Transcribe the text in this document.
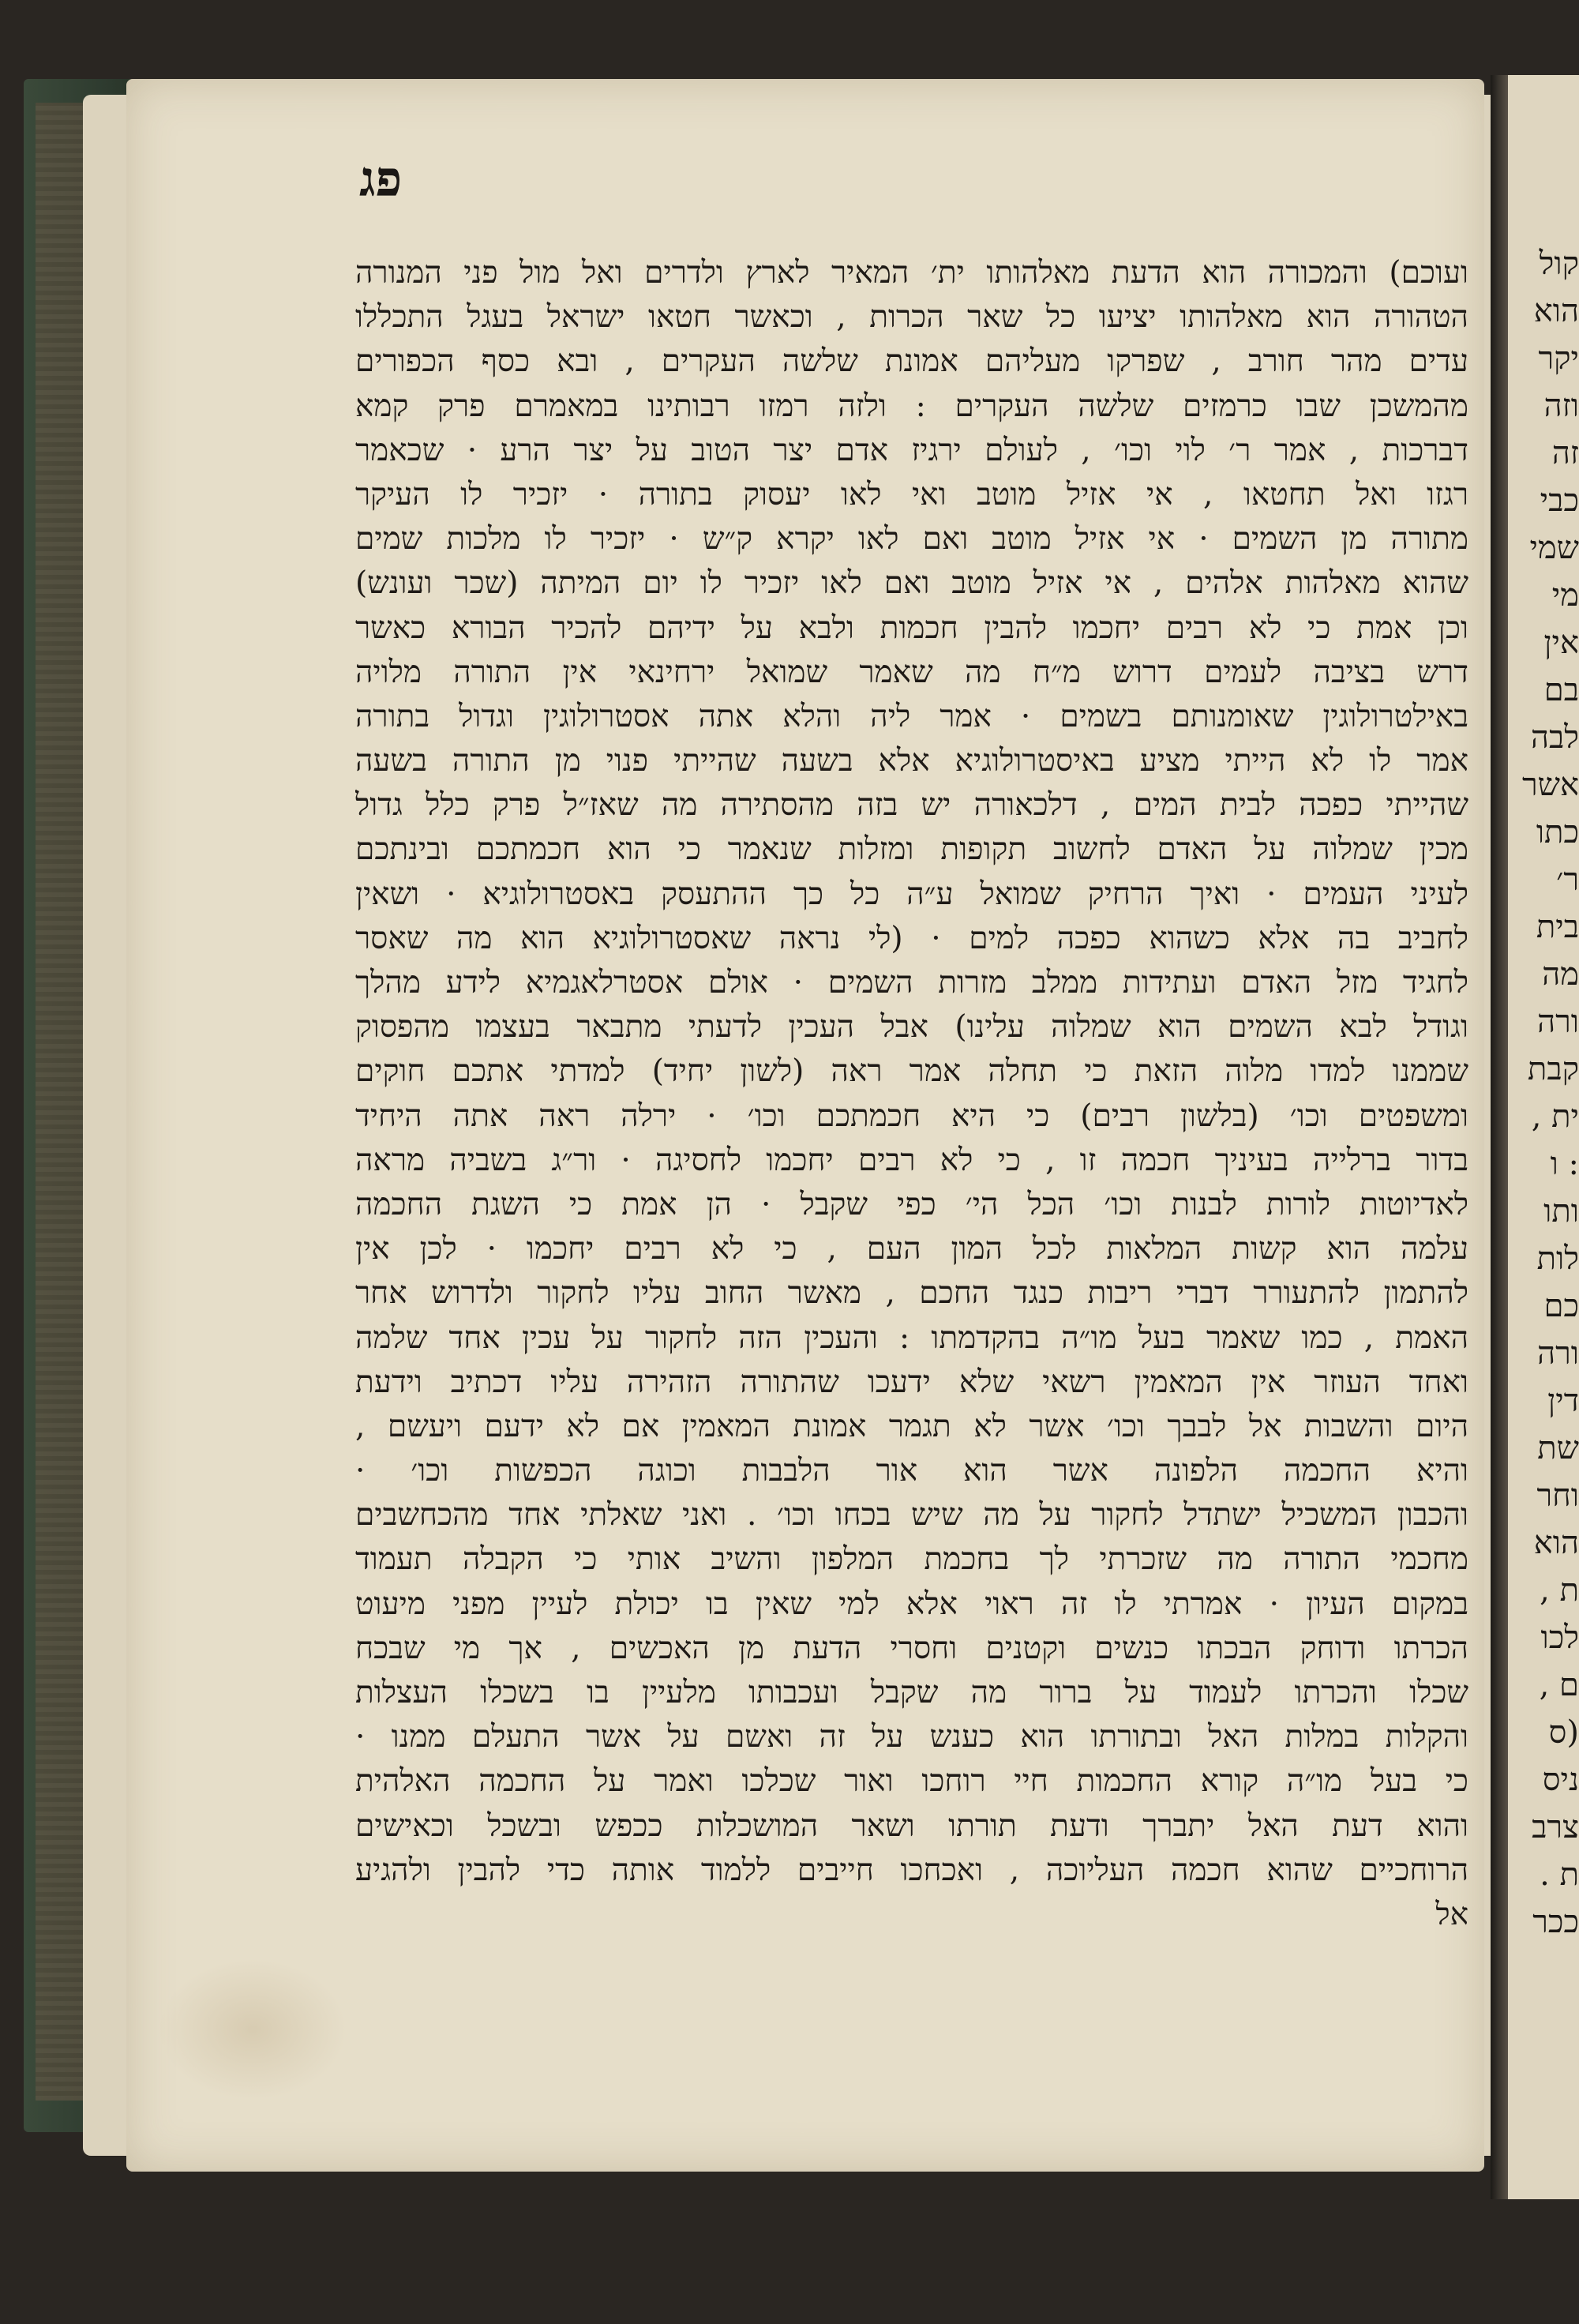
פג
ועוכם) והמכורה הוא הדעת מאלהותו ית׳ המאיר לארץ ולדרים ואל מול פני המנורה
הטהורה הוא מאלהותו יציעו כל שאר הכרות , וכאשר חטאו ישראל בעגל התכללו
עדים מהר חורב , שפרקו מעליהם אמונת שלשה העקרים , ובא כסף הכפורים
מהמשכן שבו כרמזים שלשה העקרים : ולזה רמזו רבותינו במאמרם פרק קמא
דברכות , אמר ר׳ לוי וכו׳ , לעולם ירגיז אדם יצר הטוב על יצר הרע · שכאמר
רגזו ואל תחטאו , אי אזיל מוטב ואי לאו יעסוק בתורה · יזכיר לו העיקר
מתורה מן השמים · אי אזיל מוטב ואם לאו יקרא ק״ש · יזכיר לו מלכות שמים
שהוא מאלהות אלהים , אי אזיל מוטב ואם לאו יזכיר לו יום המיתה (שכר ועונש)
וכן אמת כי לא רבים יחכמו להבין חכמות ולבא על ידיהם להכיר הבורא כאשר
דרש בציבה לעמים דרוש מ״ח מה שאמר שמואל ירחינאי אין התורה מלויה
באילטרולוגין שאומנותם בשמים · אמר ליה והלא אתה אסטרולוגין וגדול בתורה
אמר לו לא הייתי מציע באיסטרולוגיא אלא בשעה שהייתי פנוי מן התורה בשעה
שהייתי כפכה לבית המים , דלכאורה יש בזה מהסתירה מה שאז״ל פרק כלל גדול
מכין שמלוה על האדם לחשוב תקופות ומזלות שנאמר כי הוא חכמתכם ובינתכם
לעיני העמים · ואיך הרחיק שמואל ע״ה כל כך ההתעסק באסטרולוגיא · ושאין
לחביב בה אלא כשהוא כפכה למים · (לי נראה שאסטרולוגיא הוא מה שאסר
לחגיד מזל האדם ועתידות ממלב מזרות השמים · אולם אסטרלאגמיא לידע מהלך
וגודל לבא השמים הוא שמלוה עלינו) אבל העכין לדעתי מתבאר בעצמו מהפסוק
שממנו למדו מלוה הזאת כי תחלה אמר ראה (לשון יחיד) למדתי אתכם חוקים
ומשפטים וכו׳ (בלשון רבים) כי היא חכמתכם וכו׳ · ירלה ראה אתה היחיד
בדור ברלייה בעיניך חכמה זו , כי לא רבים יחכמו לחסיגה · ור״ג בשביה מראה
לאדיוטות לורות לבנות וכו׳ הכל הי׳ כפי שקבל · הן אמת כי השגת החכמה
עלמה הוא קשות המלאות לכל המון העם , כי לא רבים יחכמו · לכן אין
להתמון להתעורר דברי ריבות כנגד החכם , מאשר החוב עליו לחקור ולדרוש אחר
האמת , כמו שאמר בעל מו״ה בהקדמתו : והעכין הזה לחקור על עכין אחד שלמה
ואחד העוזר אין המאמין רשאי שלא ידעכו שהתורה הזהירה עליו דכתיב וידעת
היום והשבות אל לבבך וכו׳ אשר לא תגמר אמונת המאמין אם לא ידעם ויעשם ,
והיא החכמה הלפונה אשר הוא אור הלבבות וכוגה הכפשות וכו׳ ·
והכבון המשכיל ישתדל לחקור על מה שיש בכחו וכו׳ . ואני שאלתי אחד מהכחשבים
מחכמי התורה מה שזכרתי לך בחכמת המלפון והשיב אותי כי הקבלה תעמוד
במקום העיון · אמרתי לו זה ראוי אלא למי שאין בו יכולת לעיין מפני מיעוט
הכרתו ודוחק הבכתו כנשים וקטנים וחסרי הדעת מן האכשים , אך מי שבכח
שכלו והכרתו לעמוד על ברור מה שקבל ועכבותו מלעיין בו בשכלו העצלות
והקלות במלות האל ובתורתו הוא כענש על זה ואשם על אשר התעלם ממנו ·
כי בעל מו״ה קורא החכמות חיי רוחכו ואור שכלכו ואמר על החכמה האלהית
והוא דעת האל יתברך ודעת תורתו ושאר המושכלות ככפש ובשכל וכאישים
הרוחכיים שהוא חכמה העליוכה , ואכחכו חייבים ללמוד אותה כדי להבין ולהגיע
אל
קול
הוא
יקר
וזה
זה
כבי
שמי
מי
אין
בם
לבה
אשר
כתו
ר׳
בית
מה
ורה
קבת
ית ,
: ו
ותו
לות
כם
ורה
דין
שת
וחר
הוא
ת ,
לכו
ם ,
(ס
ניס
צרב
ת .
ככר
